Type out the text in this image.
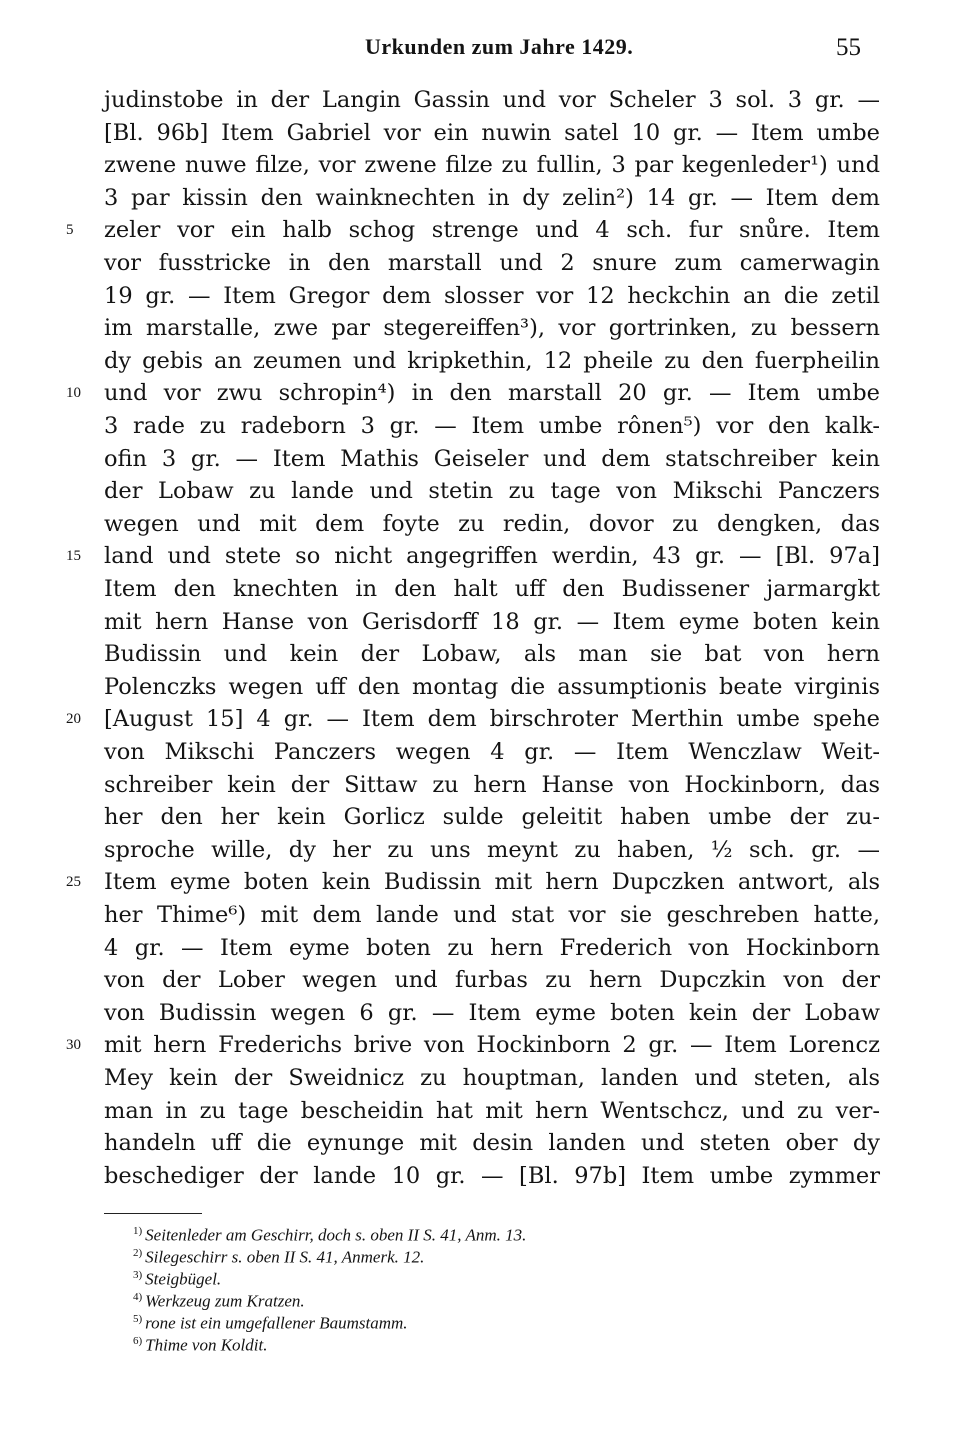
Urkunden zum Jahre 1429.	55
judinstobe in der Langin Gassin und vor Scheler 3 sol. 3 gr. —
[Bl. 96b] Item Gabriel vor ein nuwin satel 10 gr. — Item umbe
zwene nuwe filze, vor zwene filze zu fullin, 3 par kegenleder¹) und
3 par kissin den wainknechten in dy zelin²) 14 gr. — Item dem
5	zeler vor ein halb schog strenge und 4 sch. fur snůre. Item
vor fusstricke in den marstall und 2 snure zum camerwagin
19 gr. — Item Gregor dem slosser vor 12 heckchin an die zetil
im marstalle, zwe par stegereiffen³), vor gortrinken, zu bessern
dy gebis an zeumen und kripkethin, 12 pheile zu den fuerpheilin
10	und vor zwu schropin⁴) in den marstall 20 gr. — Item umbe
3 rade zu radeborn 3 gr. — Item umbe rônen⁵) vor den kalk-
ofin 3 gr. — Item Mathis Geiseler und dem statschreiber kein
der Lobaw zu lande und stetin zu tage von Mikschi Panczers
wegen und mit dem foyte zu redin, dovor zu dengken, das
15	land und stete so nicht angegriffen werdin, 43 gr. — [Bl. 97a]
Item den knechten in den halt uff den Budissener jarmargkt
mit hern Hanse von Gerisdorff 18 gr. — Item eyme boten kein
Budissin und kein der Lobaw, als man sie bat von hern
Polenczks wegen uff den montag die assumptionis beate virginis
20	[August 15] 4 gr. — Item dem birschroter Merthin umbe spehe
von Mikschi Panczers wegen 4 gr. — Item Wenczlaw Weit-
schreiber kein der Sittaw zu hern Hanse von Hockinborn, das
her den her kein Gorlicz sulde geleitit haben umbe der zu-
sproche wille, dy her zu uns meynt zu haben, ½ sch. gr. —
25	Item eyme boten kein Budissin mit hern Dupczken antwort, als
her Thime⁶) mit dem lande und stat vor sie geschreben hatte,
4 gr. — Item eyme boten zu hern Frederich von Hockinborn
von der Lober wegen und furbas zu hern Dupczkin von der
von Budissin wegen 6 gr. — Item eyme boten kein der Lobaw
30	mit hern Frederichs brive von Hockinborn 2 gr. — Item Lorencz
Mey kein der Sweidnicz zu houptman, landen und steten, als
man in zu tage bescheidin hat mit hern Wentschcz, und zu ver-
handeln uff die eynunge mit desin landen und steten ober dy
beschediger der lande 10 gr. — [Bl. 97b] Item umbe zymmer
$^{1)}$ Seitenleder am Geschirr, doch s. oben II S. 41, Anm. 13.
$^{2)}$ Silegeschirr s. oben II S. 41, Anmerk. 12.
$^{3)}$ Steigbügel.
$^{4)}$ Werkzeug zum Kratzen.
$^{5)}$ rone ist ein umgefallener Baumstamm.
$^{6)}$ Thime von Koldit.
